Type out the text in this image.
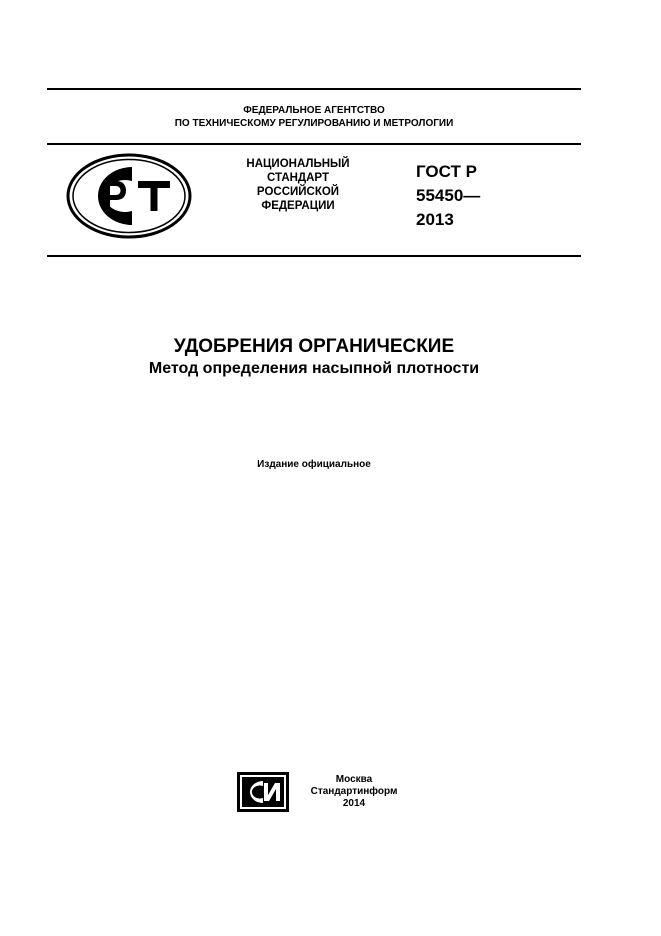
ФЕДЕРАЛЬНОЕ АГЕНТСТВО
ПО ТЕХНИЧЕСКОМУ РЕГУЛИРОВАНИЮ И МЕТРОЛОГИИ
НАЦИОНАЛЬНЫЙ
СТАНДАРТ
РОССИЙСКОЙ
ФЕДЕРАЦИИ
ГОСТ Р
55450—
2013
УДОБРЕНИЯ ОРГАНИЧЕСКИЕ
Метод определения насыпной плотности
Издание официальное
Москва
Стандартинформ
2014
